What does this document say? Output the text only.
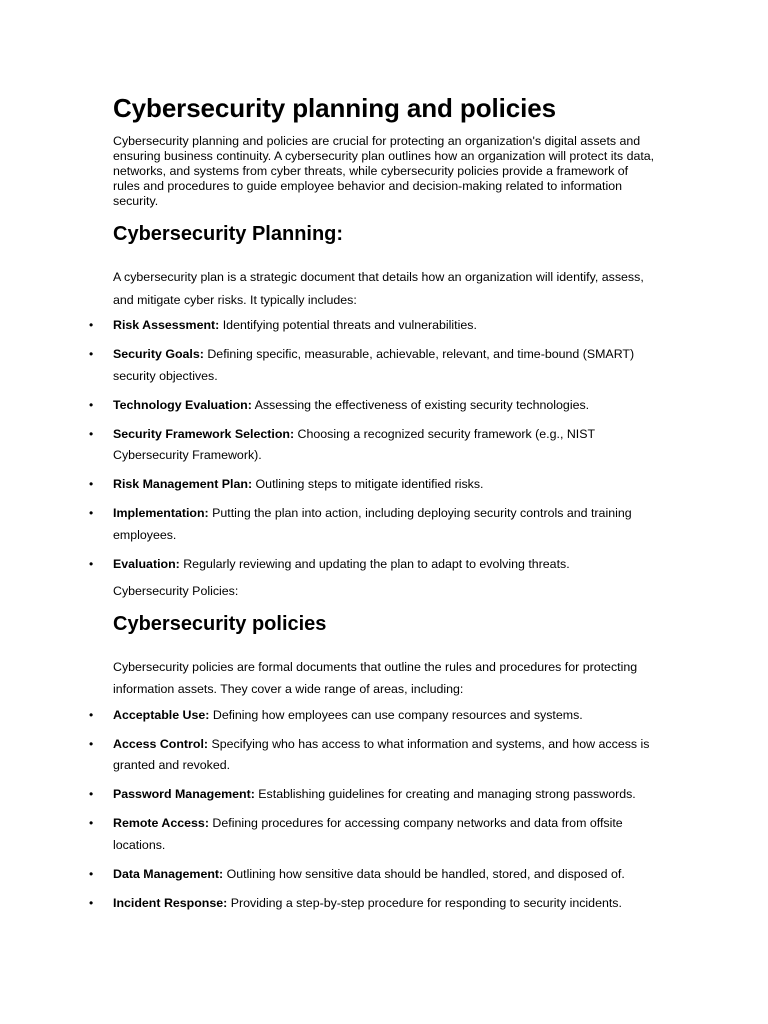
Cybersecurity planning and policies

Cybersecurity planning and policies are crucial for protecting an organization's digital assets and ensuring business continuity. A cybersecurity plan outlines how an organization will protect its data, networks, and systems from cyber threats, while cybersecurity policies provide a framework of rules and procedures to guide employee behavior and decision-making related to information security.

Cybersecurity Planning:

A cybersecurity plan is a strategic document that details how an organization will identify, assess, and mitigate cyber risks. It typically includes:

• Risk Assessment: Identifying potential threats and vulnerabilities.
• Security Goals: Defining specific, measurable, achievable, relevant, and time-bound (SMART) security objectives.
• Technology Evaluation: Assessing the effectiveness of existing security technologies.
• Security Framework Selection: Choosing a recognized security framework (e.g., NIST Cybersecurity Framework).
• Risk Management Plan: Outlining steps to mitigate identified risks.
• Implementation: Putting the plan into action, including deploying security controls and training employees.
• Evaluation: Regularly reviewing and updating the plan to adapt to evolving threats.

Cybersecurity Policies:

Cybersecurity policies

Cybersecurity policies are formal documents that outline the rules and procedures for protecting information assets. They cover a wide range of areas, including:

• Acceptable Use: Defining how employees can use company resources and systems.
• Access Control: Specifying who has access to what information and systems, and how access is granted and revoked.
• Password Management: Establishing guidelines for creating and managing strong passwords.
• Remote Access: Defining procedures for accessing company networks and data from offsite locations.
• Data Management: Outlining how sensitive data should be handled, stored, and disposed of.
• Incident Response: Providing a step-by-step procedure for responding to security incidents.
